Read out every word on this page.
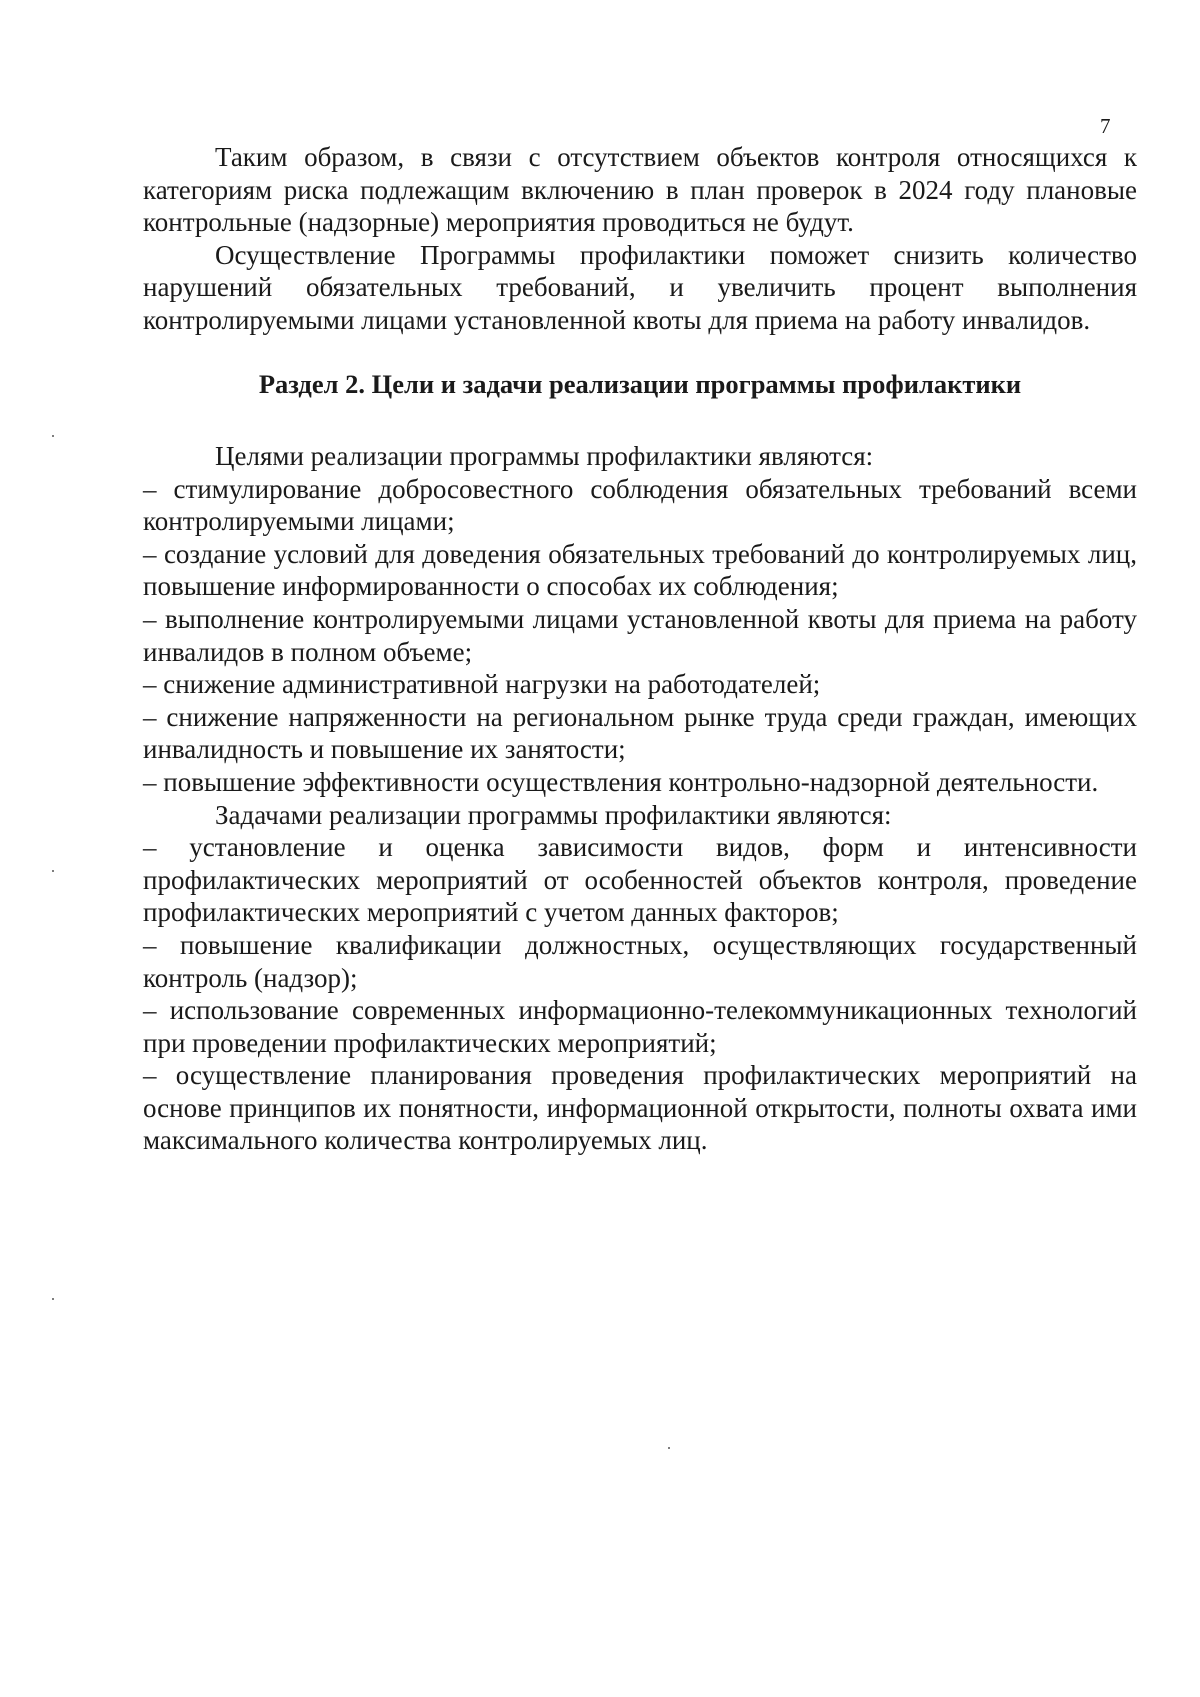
7

Таким образом, в связи с отсутствием объектов контроля относящихся к категориям риска подлежащим включению в план проверок в 2024 году плановые контрольные (надзорные) мероприятия проводиться не будут.

Осуществление Программы профилактики поможет снизить количество нарушений обязательных требований, и увеличить процент выполнения контролируемыми лицами установленной квоты для приема на работу инвалидов.

Раздел 2. Цели и задачи реализации программы профилактики

Целями реализации программы профилактики являются:

– стимулирование добросовестного соблюдения обязательных требований всеми контролируемыми лицами;

– создание условий для доведения обязательных требований до контролируемых лиц, повышение информированности о способах их соблюдения;

– выполнение контролируемыми лицами установленной квоты для приема на работу инвалидов в полном объеме;

– снижение административной нагрузки на работодателей;

– снижение напряженности на региональном рынке труда среди граждан, имеющих инвалидность и повышение их занятости;

– повышение эффективности осуществления контрольно-надзорной деятельности.

Задачами реализации программы профилактики являются:

– установление и оценка зависимости видов, форм и интенсивности профилактических мероприятий от особенностей объектов контроля, проведение профилактических мероприятий с учетом данных факторов;

– повышение квалификации должностных, осуществляющих государственный контроль (надзор);

– использование современных информационно-телекоммуникационных технологий при проведении профилактических мероприятий;

– осуществление планирования проведения профилактических мероприятий на основе принципов их понятности, информационной открытости, полноты охвата ими максимального количества контролируемых лиц.
